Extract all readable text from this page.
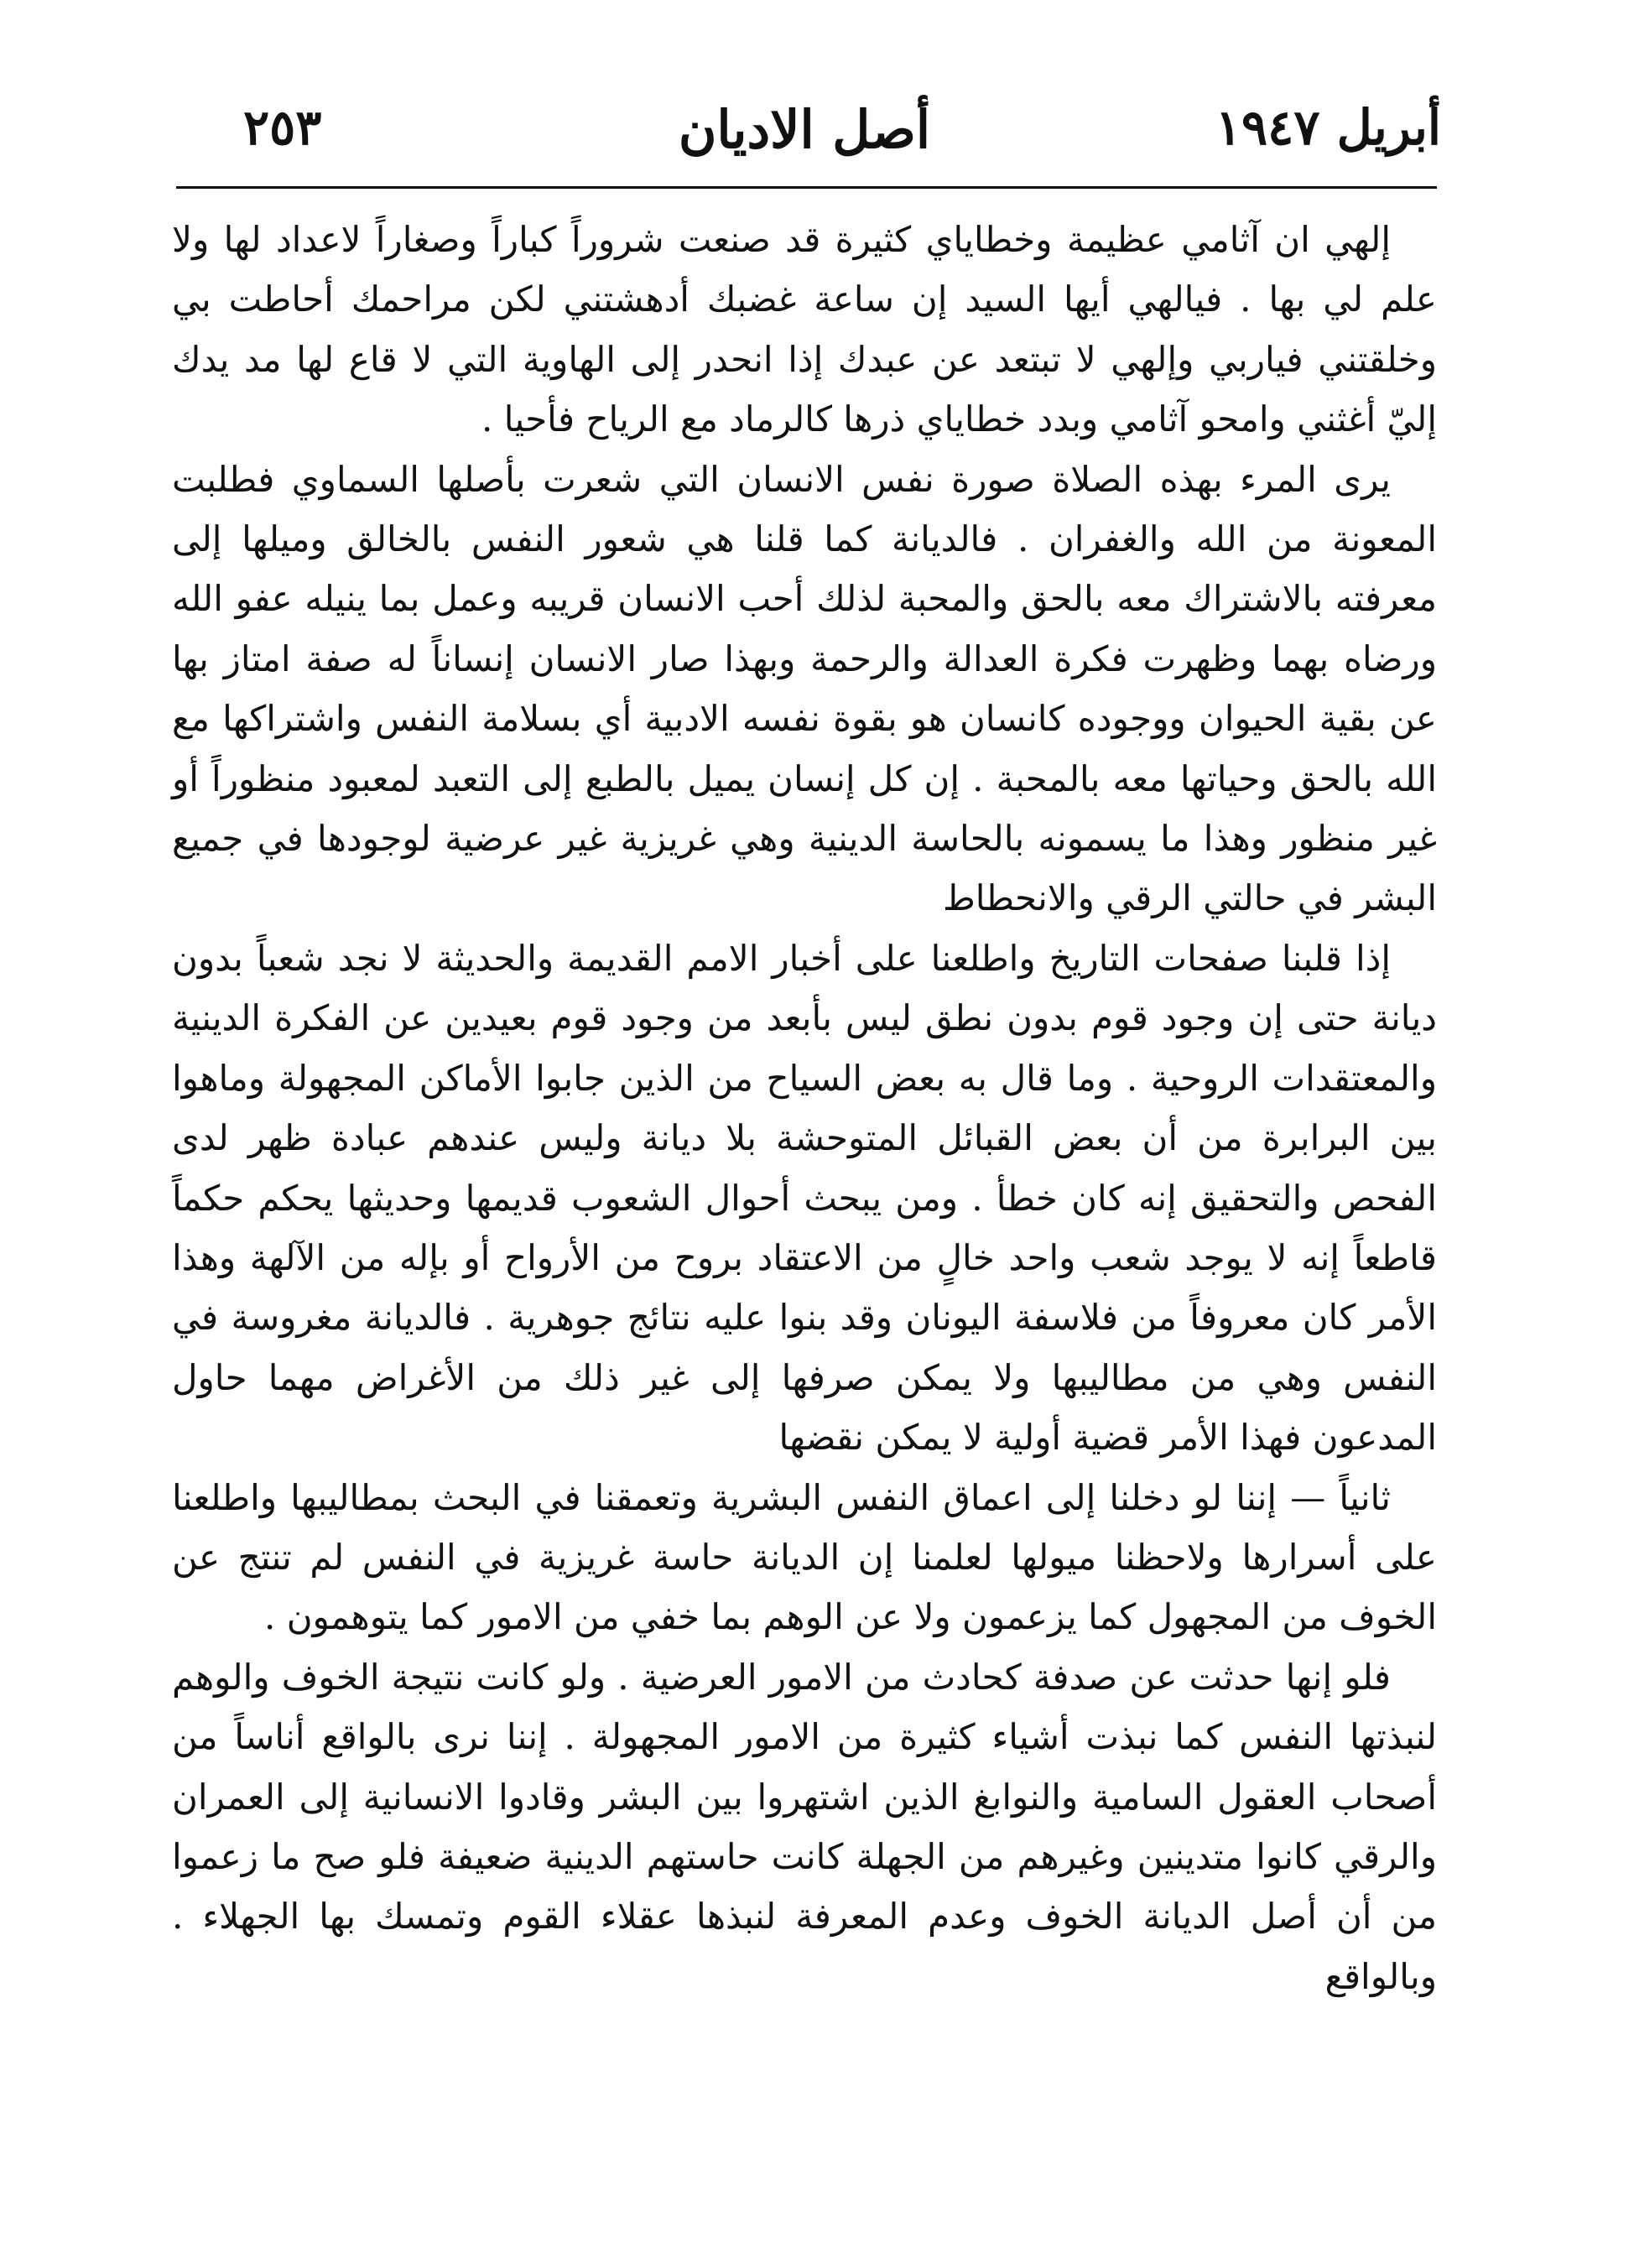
أبريل ١٩٤٧
أصل الاديان
٢٥٣

إلهي ان آثامي عظيمة وخطاياي كثيرة قد صنعت شروراً كباراً وصغاراً لاعداد لها ولا علم لي بها . فيالهي أيها السيد إن ساعة غضبك أدهشتني لكن مراحمك أحاطت بي وخلقتني فياربي وإلهي لا تبتعد عن عبدك إذا انحدر إلى الهاوية التي لا قاع لها مد يدك إليّ أغثني وامحو آثامي وبدد خطاياي ذرها كالرماد مع الرياح فأحيا .

يرى المرء بهذه الصلاة صورة نفس الانسان التي شعرت بأصلها السماوي فطلبت المعونة من الله والغفران . فالديانة كما قلنا هي شعور النفس بالخالق وميلها إلى معرفته بالاشتراك معه بالحق والمحبة لذلك أحب الانسان قريبه وعمل بما ينيله عفو الله ورضاه بهما وظهرت فكرة العدالة والرحمة وبهذا صار الانسان إنساناً له صفة امتاز بها عن بقية الحيوان ووجوده كانسان هو بقوة نفسه الادبية أي بسلامة النفس واشتراكها مع الله بالحق وحياتها معه بالمحبة . إن كل إنسان يميل بالطبع إلى التعبد لمعبود منظوراً أو غير منظور وهذا ما يسمونه بالحاسة الدينية وهي غريزية غير عرضية لوجودها في جميع البشر في حالتي الرقي والانحطاط

إذا قلبنا صفحات التاريخ واطلعنا على أخبار الامم القديمة والحديثة لا نجد شعباً بدون ديانة حتى إن وجود قوم بدون نطق ليس بأبعد من وجود قوم بعيدين عن الفكرة الدينية والمعتقدات الروحية . وما قال به بعض السياح من الذين جابوا الأماكن المجهولة وماهوا بين البرابرة من أن بعض القبائل المتوحشة بلا ديانة وليس عندهم عبادة ظهر لدى الفحص والتحقيق إنه كان خطأ . ومن يبحث أحوال الشعوب قديمها وحديثها يحكم حكماً قاطعاً إنه لا يوجد شعب واحد خالٍ من الاعتقاد بروح من الأرواح أو بإله من الآلهة وهذا الأمر كان معروفاً من فلاسفة اليونان وقد بنوا عليه نتائج جوهرية . فالديانة مغروسة في النفس وهي من مطاليبها ولا يمكن صرفها إلى غير ذلك من الأغراض مهما حاول المدعون فهذا الأمر قضية أولية لا يمكن نقضها

ثانياً — إننا لو دخلنا إلى اعماق النفس البشرية وتعمقنا في البحث بمطاليبها واطلعنا على أسرارها ولاحظنا ميولها لعلمنا إن الديانة حاسة غريزية في النفس لم تنتج عن الخوف من المجهول كما يزعمون ولا عن الوهم بما خفي من الامور كما يتوهمون .

فلو إنها حدثت عن صدفة كحادث من الامور العرضية . ولو كانت نتيجة الخوف والوهم لنبذتها النفس كما نبذت أشياء كثيرة من الامور المجهولة . إننا نرى بالواقع أناساً من أصحاب العقول السامية والنوابغ الذين اشتهروا بين البشر وقادوا الانسانية إلى العمران والرقي كانوا متدينين وغيرهم من الجهلة كانت حاستهم الدينية ضعيفة فلو صح ما زعموا من أن أصل الديانة الخوف وعدم المعرفة لنبذها عقلاء القوم وتمسك بها الجهلاء . وبالواقع
